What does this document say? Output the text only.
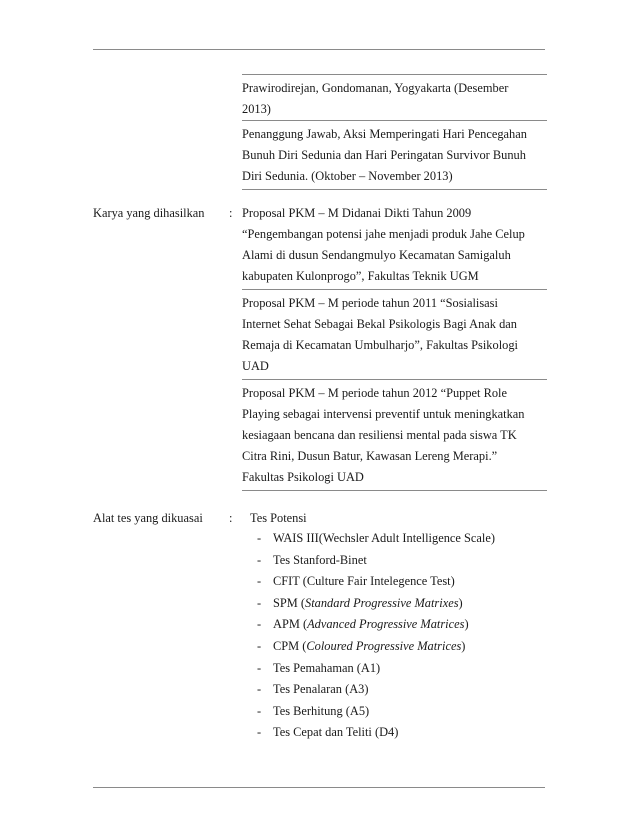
Prawirodirejan, Gondomanan, Yogyakarta (Desember
2013)
Penanggung Jawab, Aksi Memperingati Hari Pencegahan
Bunuh Diri Sedunia dan Hari Peringatan Survivor Bunuh
Diri Sedunia. (Oktober – November 2013)
Karya yang dihasilkan : Proposal PKM – M Didanai Dikti Tahun 2009
“Pengembangan potensi jahe menjadi produk Jahe Celup
Alami di dusun Sendangmulyo Kecamatan Samigaluh
kabupaten Kulonprogo”, Fakultas Teknik UGM
Proposal PKM – M periode tahun 2011 “Sosialisasi
Internet Sehat Sebagai Bekal Psikologis Bagi Anak dan
Remaja di Kecamatan Umbulharjo”, Fakultas Psikologi
UAD
Proposal PKM – M periode tahun 2012 “Puppet Role
Playing sebagai intervensi preventif untuk meningkatkan
kesiagaan bencana dan resiliensi mental pada siswa TK
Citra Rini, Dusun Batur, Kawasan Lereng Merapi.”
Fakultas Psikologi UAD
Alat tes yang dikuasai : Tes Potensi
- WAIS III(Wechsler Adult Intelligence Scale)
- Tes Stanford-Binet
- CFIT (Culture Fair Intelegence Test)
- SPM (Standard Progressive Matrixes)
- APM (Advanced Progressive Matrices)
- CPM (Coloured Progressive Matrices)
- Tes Pemahaman (A1)
- Tes Penalaran (A3)
- Tes Berhitung (A5)
- Tes Cepat dan Teliti (D4)
